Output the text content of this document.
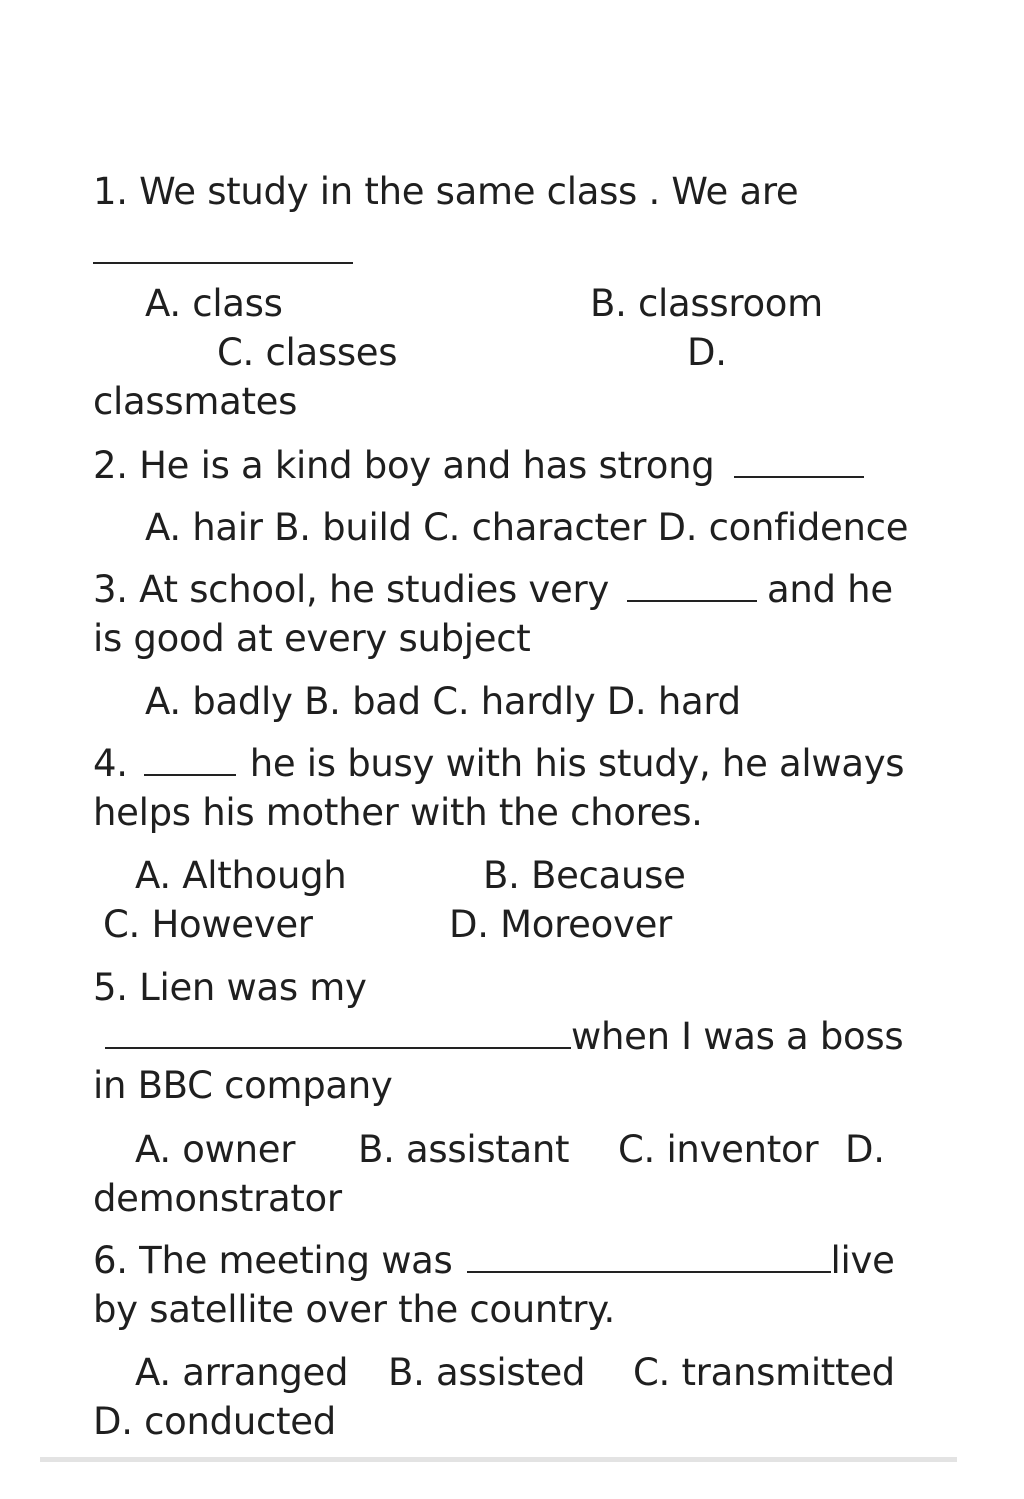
1. We study in the same class . We are
A. class	B. classroom
C. classes	D.
classmates
2. He is a kind boy and has strong
A. hair B. build C. character D. confidence
3. At school, he studies very	and he
is good at every subject
A. badly B. bad C. hardly D. hard
4.	he is busy with his study, he always
helps his mother with the chores.
A. Although	B. Because
C. However	D. Moreover
5. Lien was my
when I was a boss
in BBC company
A. owner B. assistant C. inventor D.
demonstrator
6. The meeting was	live
by satellite over the country.
A. arranged B. assisted C. transmitted
D. conducted
